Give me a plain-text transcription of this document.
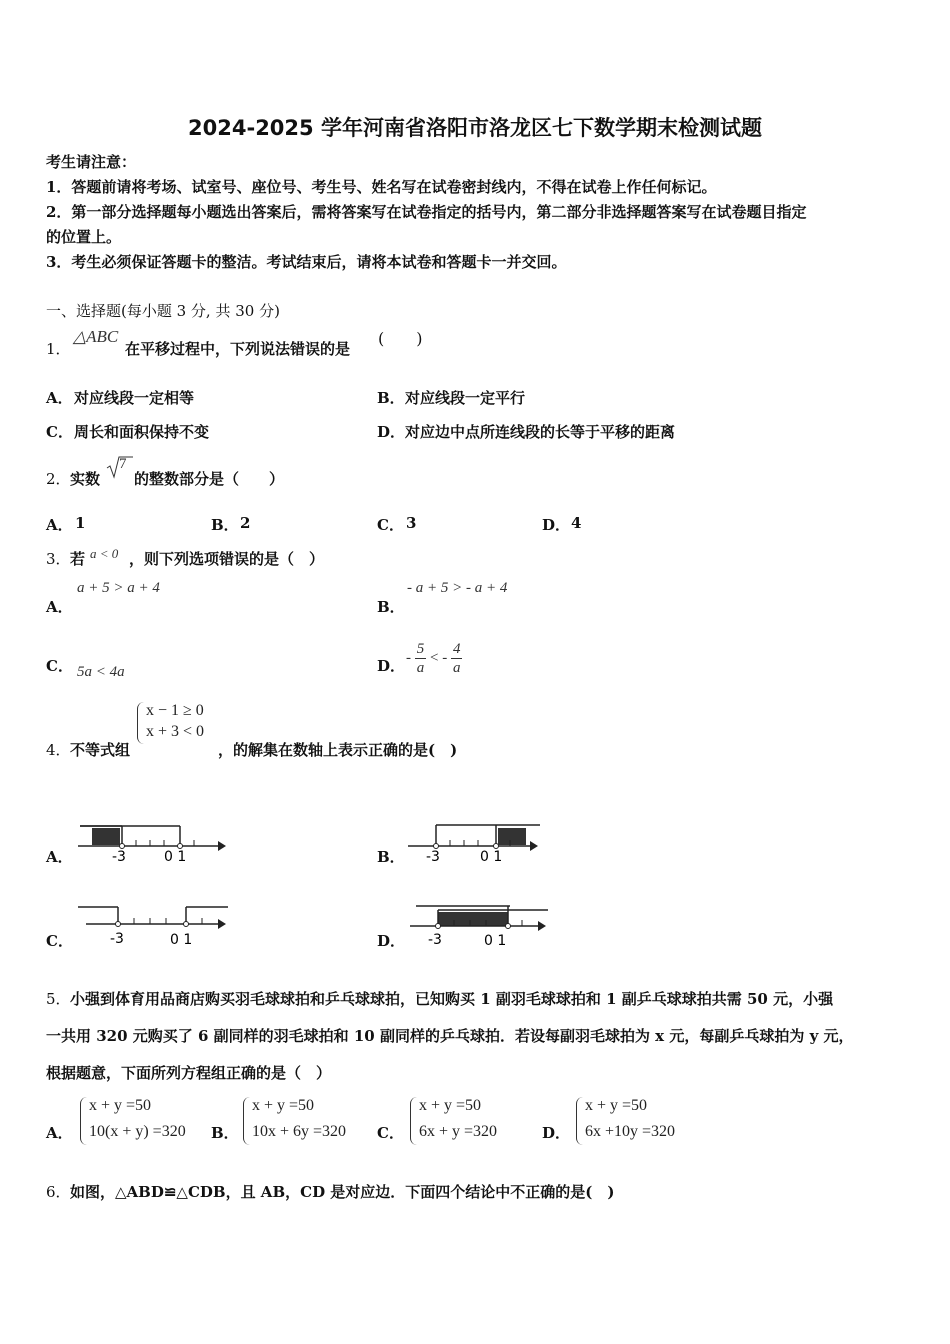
2024-2025 学年河南省洛阳市洛龙区七下数学期末检测试题
考生请注意：
1．答题前请将考场、试室号、座位号、考生号、姓名写在试卷密封线内，不得在试卷上作任何标记。
2．第一部分选择题每小题选出答案后，需将答案写在试卷指定的括号内，第二部分非选择题答案写在试卷题目指定
的位置上。
3．考生必须保证答题卡的整洁。考试结束后，请将本试卷和答题卡一并交回。
一、选择题(每小题 3 分, 共 30 分)
1．
△ABC
在平移过程中，下列说法错误的是
(　　)
A． 对应线段一定相等	B． 对应线段一定平行
C． 周长和面积保持不变	D． 对应边中点所连线段的长等于平移的距离
2． 实数
7
的整数部分是（　　）
A． 1	B． 2	C． 3	D． 4
3． 若 a < 0 ，则下列选项错误的是（　）
A．
a + 5 > a + 4
B．
- a + 5 > - a + 4
C． 5a < 4a	D． - $\frac{5}{a}$ < - $\frac{4}{a}$
4． 不等式组
x − 1 ≥ 0
x + 3 < 0
，的解集在数轴上表示正确的是(　)
A．	-3	0 1	B． -3	0 1
C．	-3	0 1	D． -3	0 1
5． 小强到体育用品商店购买羽毛球球拍和乒乓球球拍，已知购买 1 副羽毛球球拍和 1 副乒乓球球拍共需 50 元，小强
一共用 320 元购买了 6 副同样的羽毛球拍和 10 副同样的乒乓球拍．若设每副羽毛球拍为 x 元，每副乒乓球拍为 y 元，
根据题意，下面所列方程组正确的是（　）
A．
x + y =50
10(x + y) =320 B．
x + y =50
10x + 6y =320 C．
x + y =50
6x + y =320	D．
x + y =50
6x +10y =320
6． 如图，△ABD≌△CDB，且 AB，CD 是对应边．下面四个结论中不正确的是(　)
